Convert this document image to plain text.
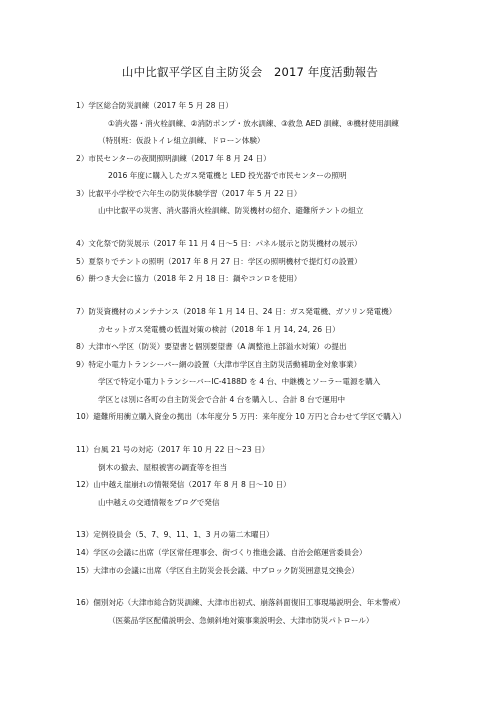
山中比叡平学区自主防災会　2017 年度活動報告
1）学区総合防災訓練（2017 年 5 月 28 日）
①消火器・消火栓訓練、②消防ポンプ・放水訓練、③救急 AED 訓練、④機材使用訓練
（特別班：仮設トイレ組立訓練、ドローン体験）
2）市民センターの夜間照明訓練（2017 年 8 月 24 日）
2016 年度に購入したガス発電機と LED 投光器で市民センターの照明
3）比叡平小学校で六年生の防災体験学習（2017 年 5 月 22 日）
山中比叡平の災害、消火器消火栓訓練、防災機材の紹介、避難所テントの組立
4）文化祭で防災展示（2017 年 11 月 4 日〜5 日：パネル展示と防災機材の展示）
5）夏祭りでテントの照明（2017 年 8 月 27 日：学区の照明機材で提灯灯の設置）
6）餅つき大会に協力（2018 年 2 月 18 日：鍋やコンロを使用）
7）防災資機材のメンテナンス（2018 年 1 月 14 日、24 日：ガス発電機、ガソリン発電機）
カセットガス発電機の低温対策の検討（2018 年 1 月 14, 24, 26 日）
8）大津市へ学区（防災）要望書と個別要望書（A 調整池上部溢水対策）の提出
9）特定小電力トランシーバー網の設置（大津市学区自主防災活動補助金対象事業）
学区で特定小電力トランシーバーIC-4188D を 4 台、中継機とソーラー電源を購入
学区とは別に各町の自主防災会で合計 4 台を購入し、合計 8 台で運用中
10）避難所用衝立購入資金の拠出（本年度分 5 万円：来年度分 10 万円と合わせて学区で購入）
11）台風 21 号の対応（2017 年 10 月 22 日〜23 日）
倒木の撤去、屋根被害の調査等を担当
12）山中越え崖崩れの情報発信（2017 年 8 月 8 日〜10 日）
山中越えの交通情報をブログで発信
13）定例役員会（5、7、9、11、1、3 月の第二木曜日）
14）学区の会議に出席（学区常任理事会、街づくり推進会議、自治会館運営委員会）
15）大津市の会議に出席（学区自主防災会長会議、中ブロック防災囲意見交換会）
16）個別対応（大津市総合防災訓練、大津市出初式、崩落斜面復旧工事現場説明会、年末警戒）
（医薬品学区配備説明会、急傾斜地対策事業説明会、大津市防災パトロール）
